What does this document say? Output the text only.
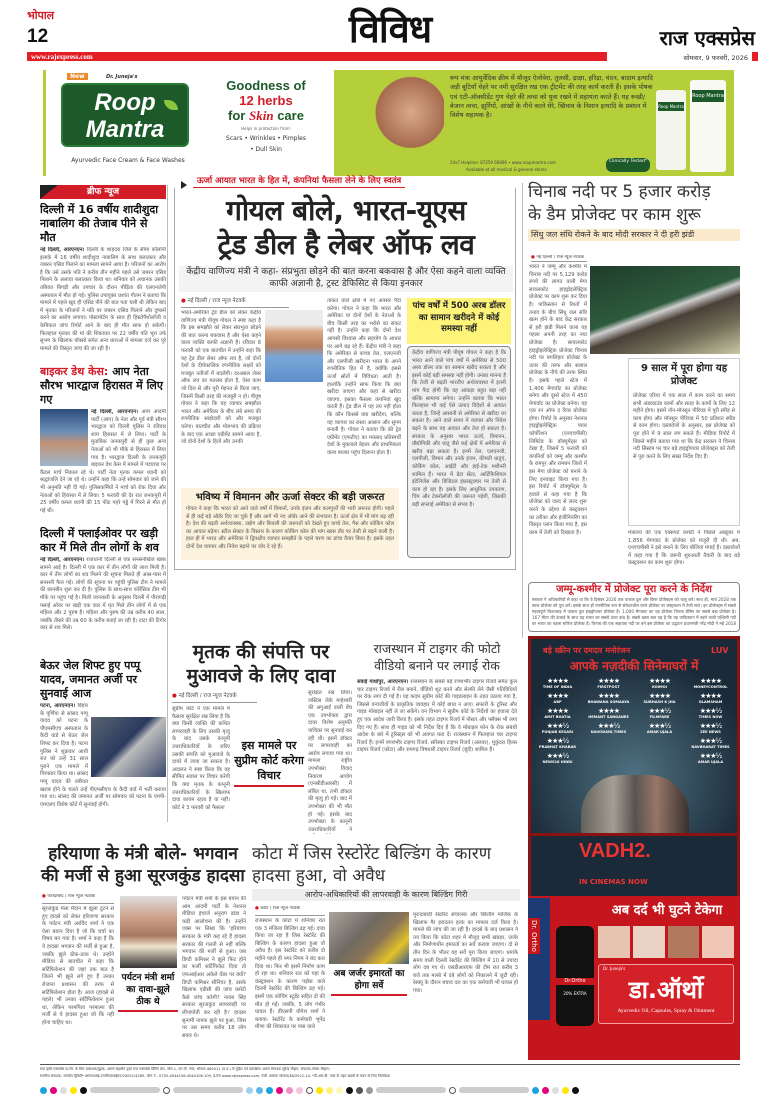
भोपाल
12	विविध	राज एक्सप्रेस
www.rajexpress.com	सोमवार, 9 फरवरी, 2026
New	Dr. Juneja's
Roop
Mantra
Ayurvedic Face Cream & Face Washes
Goodness of
12 herbs
for Skin care
Helps in protection from:
Scars • Wrinkles • Pimples
• Dull Skin
रूप मंत्रा आयुर्वेदिक क्रीम में मौजूद ऐलोवेरा, तुलसी, द्राक्षा, हरिद्रा, चंदन, बादाम इत्यादि जड़ी बूटियाँ चेहरे पर नमी सुरक्षित रख एक ट्रीटमेंट की तरह कार्य करती हैं। इसके पोषक एवं एंटी-ऑक्सीडेंट गुण चेहरे की त्वचा को युवा रखने में सहायता करते हैं। यह रूखी/ बेजान त्वचा, झुर्रियों, आंखों के नीचे काले घेरे, खिंचाव के निशान इत्यादि के प्रबंधन में विशेष सहायक है।
24x7 Helpline: 87259 66666 • www.roopmantra.com
Available at all medical & general stores
Clinically Tested*
Roop Mantra
Roop Mantra
ब्रीफ न्यूज
दिल्ली में 16 वर्षीय शादीशुदा नाबालिग की तेजाब पीने से मौत
नई दिल्ली, आरएनएन। दिल्ली के शाहदरा जिले के सीमा कॉलोनी इलाके में 16 वर्षीय शादीशुदा नाबालिग के साथ बलात्कार और जबरन एसिड पिलाने का मामला सामने आया है। परिजनों का आरोप है कि उसे उसके पति ने करीब तीन महीने पहले उसे जबरन एसिड पिलाने के अलावा बलात्कार किया था। शनिवार को अचानक उसकी तबियत बिगड़ी और उपचार के दौरान पीड़िता की एलएनजेपी अस्पताल में मौत हो गई। पुलिस उपायुक्त प्रशांत गौतम ने बताया कि मामले में पहले खुद ही एसिड पीने की बात पता चली थी लेकिन बाद में मृतका के परिजनों ने पति पर जबरन एसिड पिलाने और दुष्कर्म करने का आरोप लगाया। पोस्टमॉर्टम के साथ ही हिस्टोपैथोलॉजी व केमिकल जांच रिपोर्ट आने के बाद ही मौत साफ हो सकेगी। फिलहाल मृतका की मां की शिकायत पर 22 वर्षीय पति भूरा उर्फ सुभम के खिलाफ पॉक्सो समेत अन्य धाराओं में मामला दर्ज कर पूरे मामले की विस्तृत जांच की जा रही है।
बाइकर डेथ केस: आप नेता सौरभ भारद्वाज हिरासत में लिए गए
नई दिल्ली, आरएनएन। आम आदमी पार्टी (आप) के नेता और पूर्व मंत्री सौरभ भारद्वाज को दिल्ली पुलिस ने रविवार शाम हिरासत में ले लिया। पार्टी के मुताबिक जनकपुरी से ही कुछ अन्य नेताओं को भी मौके से हिरासत में लिया गया है। भारद्वाज दिल्ली के जनकपुरी बाइकर डेथ केस में मामले में पदयात्रा पर कैंडल मार्च निकाल रहे थे। पार्टी नेता मृतक कमल ध्यानी को श्रद्धांजलि देने जा रहे थे। उन्होंने कहा कि उन्हें सोमवार को जाने की भी अनुमति नहीं दी गई। पुलिसकर्मियों ने मार्च को रोक दिया और नेताओं को हिरासत में ले लिया। 5 फरवरी की देर रात जनकपुरी में 25 वर्षीय कमल ध्यानी की 15 फीट गहरे गड्ढे में गिरने से मौत हो गई थी।
दिल्ली में फ्लाईओवर पर खड़ी कार में मिले तीन लोगों के शव
नई दिल्ली, आरएनएन। राजधानी दिल्ली से एक सनसनीखेज खबर सामने आई है। दिल्ली में एक कार में तीन लोगों की लाश मिली है। कार में तीन लोगों का शव मिलने की सूचना मिलते ही आस-पास में सनसनी फैल गई। लोगों की सूचना पर पहुंची पुलिस टीम ने मामले की छानबीन शुरू कर दी है। पुलिस के साथ-साथ फॉरेंसिक टीम भी मौके पर पहुंच गई है। मिली जानकारी के अनुसार दिल्ली में पीरागढ़ी फ्लाई ओवर पर खड़ी एक कार में मृत मिले तीन लोगों में से एक महिला और 2 पुरुष हैं। महिला और पुरुष की उम्र करीब 40 साल, जबकि तीसरे की उम्र 60 के करीब बताई जा रही है। टाटा की टिगोर कार से शव मिले।
बेऊर जेल शिफ्ट हुए पप्पू यादव, जमानत अर्जी पर सुनवाई आज
पटना, आरएनएन। बिहार के पूर्णिया से सांसद पप्पू यादव को पटना के पीएमसीएच अस्पताल के कैदी वार्ड से बेऊर जेल शिफ्ट कर दिया है। पटना पुलिस ने शुक्रवार आधी रात को उन्हें 31 साल पुराने एक मामले में गिरफ्तार किया था। सांसद पप्पू यादव की तबीयत खराब होने के चलते उन्हें पीएमसीएच के कैदी वार्ड में भर्ती कराया गया था। सांसद की जमानत अर्जी पर सोमवार को पटना के एमपी-एमएलए विशेष कोर्ट में सुनवाई होगी।
ऊर्जा आयात भारत के हित में, कंपनियां फैसला लेने के लिए स्वतंत्र
गोयल बोले, भारत-यूएस
ट्रेड डील है लेबर ऑफ लव
केंद्रीय वाणिज्य मंत्री ने कहा- संप्रभुता छोड़ने की बात करना बकवास है और ऐसा कहने वाला व्यक्ति काफी अज्ञानी है, ट्रस्ट डेफिसिट से किया इनकार
● नई दिल्ली / राज न्यूज नेटवर्क
भारत-अमेरिका ट्रेड डील को लेकर केंद्रीय वाणिज्य मंत्री पीयूष गोयल ने स्पष्ट कहा है कि इस समझौते को लेकर संप्रभुता छोड़ने की बात करना बकवास है और ऐसा कहने वाला व्यक्ति काफी अज्ञानी है। रविवार 8 फरवरी को एक बातचीत में उन्होंने कहा कि यह ट्रेड डील लेबर ऑफ लव है, जो दोनों देशों के दीर्घकालिक रणनीतिक लक्ष्यों को मजबूत नतीजों में बदलेगी। दरअसल लेबर ऑफ लव का मतलब होता है, ऐसा काम जो दिल से और पूरी मेहनत से किया जाए, जिसमें किसी तरह की मजबूरी न हो। पीयूष गोयल ने कहा कि यह व्यापार समझौता भारत और अमेरिका के बीच लंबे समय की रणनीतिक साझेदारी को और मजबूत करेगा। बातचीत और मोलभाव की प्रक्रिया के बाद एक अच्छा एग्रीमेंट सामने आया है, जो दोनों देशों के हितों और उनकी
ताकत वाले क्षेत्रों में नए अवसर पैदा करेगा। गोयल ने कहा कि भारत और अमेरिका या दोनों देशों के नेताओं के बीच किसी तरह का भरोसे का संकट नहीं है। उन्होंने कहा कि दोनों देश आपसी विश्वास और सहयोग के आधार पर आगे बढ़ रहे हैं। केंद्रीय मंत्री ने कहा कि अमेरिका से कच्चा तेल, एलएनजी और एलपीजी खरीदना भारत के अपने रणनीतिक हित में है, क्योंकि इससे ऊर्जा स्रोतों में विविधता आती है। हालांकि उन्होंने साफ किया कि क्या खरीदा जाएगा और कहां से खरीदा जाएगा, इसका फैसला कंपनियां खुद करती हैं। ट्रेड डील में यह तय नहीं होता कि कौन किससे क्या खरीदेगा, बल्कि यह व्यापार का रास्ता आसान और सुगम बनाती है। गोयल ने बताया कि फ्री ट्रेड एग्रीमेंट (एफटीए) का मकसद प्रतिस्पर्धी देशों के मुकाबले बेहतर और प्राथमिकता वाला बाजार पहुंच दिलाना होता है।
भविष्य में विमानन और ऊर्जा सेक्टर की बड़ी जरूरत
गोयल ने कहा कि भारत को आने वाले वर्षों में विमानों, उनके इंजन और कलपुर्जों की भारी जरूरत होगी। पहले से ही कई बड़े ऑर्डर दिए जा चुके हैं और आगे भी नए ऑर्डर आने की संभावना है। ऊर्जा क्षेत्र में भी मांग बढ़ रही है। देश की बढ़ती अर्थव्यवस्था, उद्योग और बिजली की जरूरतों को देखते हुए कच्चे तेल, गैस और कोकिंग कोल का आयात बढ़ेगा। स्टील सेक्टर के विस्तार के कारण कोकिंग कोल की मांग खास तौर पर तेजी से बढ़ने वाली है। हाल ही में भारत और अमेरिका ने द्विपक्षीय व्यापार समझौते के पहले चरण का ढांचा तैयार किया है। इसके तहत दोनों देश व्यापार और निवेश बढ़ाने पर जोर दे रहे हैं।
पांच वर्षों में 500 अरब डॉलर का सामान खरीदने में कोई समस्या नहीं
केंद्रीय वाणिज्य मंत्री पीयूष गोयल ने कहा है कि भारत आने वाले पांच वर्षों में अमेरिका से 500 अरब डॉलर तक का सामान खरीद सकता है और इसमें कोई बड़ी समस्या नहीं होगी। उनका मानना है कि तेजी से बढ़ती भारतीय अर्थव्यवस्था में इतनी मांग पैदा होगी कि यह आंकड़ा बहुत बड़ा नहीं बल्कि सामान्य लगेगा। उन्होंने बताया कि भारत फिलहाल भी कई ऐसे उत्पाद विदेशों से आयात करता है, जिन्हें आसानी से अमेरिका से खरीदा जा सकता है। आने वाले समय में व्यापार और निवेश बढ़ने के साथ यह आयात और तेज हो सकता है। सरकार के अनुसार भारत ऊर्जा, विमानन, प्रौद्योगिकी और धातु जैसे कई क्षेत्रों में अमेरिका से खरीद बढ़ा सकता है। इनमें तेल, एलएनजी, एलपीजी, विमान और उनके इंजन, कीमती धातुएं, कोकिंग कोल, आईटी और हाई-टेक मशीनरी शामिल हैं। भारत में डेटा सेंटर, आर्टिफिशियल इंटेलिजेंस और डिजिटल इंफ्रास्ट्रक्चर पर तेजी से काम हो रहा है। इसके लिए आधुनिक उपकरण, चिप और टेक्नोलॉजी की जरूरत पड़ेगी, जिसकी बड़ी सप्लाई अमेरिका से संभव है।
चिनाब नदी पर 5 हजार करोड़
के डैम प्रोजेक्ट पर काम शुरू
सिंधु जल संधि रोकने के बाद मोदी सरकार ने दी हरी झंडी
● नई दिल्ली / राज न्यूज नेटवर्क
भारत ने जम्मू और कश्मीर में चिनाब नदी पर 5,129 करोड़ रुपये की लागत वाली मेगा सावलकोट हाइड्रोइलेक्ट्रिक प्रोजेक्ट पर काम शुरू कर दिया है। पाकिस्तान से रिश्तों में तनाव के बीच सिंधु जल संधि खत्म होने के बाद केंद्र सरकार से हरी झंडी मिलने वाला यह पहला अपनी तरह का नया प्रोजेक्ट है। सावलकोट हाइड्रोइलेक्ट्रिक प्रोजेक्ट चिनाब नदी पर बगलिहार प्रोजेक्ट के ऊपर की तरफ और सलाल प्रोजेक्ट के नीचे की तरफ स्थित है। इसके पहले स्टेज में 1,406 मेगावॉट का प्रोजेक्ट बनेगा और दूसरे स्टेज में 450 मेगावॉट का प्रोजेक्ट बनेगा। यह एक रन ऑफ द रिवर प्रोजेक्ट होगा। रिपोर्ट के अनुसार नेशनल हाइड्रोइलेक्ट्रिक पावर कॉर्पोरेशन (एनएचपीसी) लिमिटेड के डॉक्यूमेंट्स को देखा है, जिसमें 5 फरवरी को कंपनियों को जम्मू और कश्मीर के रामपुर और रामबन जिलों में इस मेगा प्रोजेक्ट को बनाने के लिए इनवाइट किया गया है। इस रिपोर्ट में डॉक्यूमेंट्स के हवाले से कहा गया है कि प्रोजेक्ट को जल्द से जल्द शुरू करने के उद्देश्य से कंस्ट्रक्शन का तरीका और इंजीनियरिंग का विस्तृत प्लान किया गया है, इस काम में तेजी को दिखाता है।
9 साल में पूरा होगा यह प्रोजेक्ट
प्रोजेक्ट एरिया में एक साल में काम करने का समय सभी अंडरग्राउंड कामों और सतह के कामों के लिए 12 महीने होगा। इसमें नॉन-मॉनसून पीरियड में पूरी स्पीड से काम होगा और मॉनसून पीरियड में 50 प्रतिशत स्पीड से काम होगा। दस्तावेजों के अनुसार, इस प्रोजेक्ट को पूरा होने में 9 साल लग सकते हैं। मीडिया रिपोर्ट में पिछले महीने बताया गया था कि केंद्र सरकार ने चिनाब नदी सिस्टम पर चार बड़े हाइड्रोपावर प्रोजेक्ट्स को तेजी से पूरा करने के लिए सख्त निर्देश दिए हैं।
मंत्रालय की एक एक्सपर्ट कमेटी ने पिछले अक्टूबर में 1,856 मेगावाट के प्रोजेक्ट को मंजूरी दी थी। अब, एनएचपीसी ने इसे बनाने के लिए बोलियां मंगाई हैं। दस्तावेजों में कहा गया है कि जरूरी शुरुआती तैयारी के बाद बड़े कंस्ट्रक्शन का काम शुरू होगा।
जम्मू-कश्मीर में प्रोजेक्ट पूरा करने के निर्देश
सरकार ने अधिकारियों से कहा था कि वे दिसंबर 2026 तक पाकल दुल और किरू प्रोजेक्ट्स को चालू करें। साथ ही, मार्च 2028 तक क्वार प्रोजेक्ट को पूरा करें। इसके साथ ही रणनीतिक रूप से संवेदनशील रतले प्रोजेक्ट पर कंस्ट्रक्शन में तेजी लाएं। इन प्रोजेक्ट्स में सबसे महत्वपूर्ण किश्तवाड़ में पाकल दुल हाइड्रोपावर प्रोजेक्ट है। 1,000 मेगावाट का यह प्रोजेक्ट चिनाब बेसिन का सबसे बड़ा प्रोजेक्ट है। 167 मीटर की ऊंचाई के साथ यह भारत का सबसे ऊंचा बांध है। सबसे खास बात यह है कि यह पाकिस्तान में बहने वाली पश्चिमी नदी पर भारत का पहला स्टोरेज प्रोजेक्ट है। चिनाब की एक सहायक नदी पर बने इस प्रोजेक्ट का उद्घाटन प्रधानमंत्री नरेंद्र मोदी ने मई 2018
मृतक की संपत्ति पर मुआवजे के लिए दावा
● नई दिल्ली / राज न्यूज नेटवर्क
सुप्रीम कोर्ट ने एक मामले में फैसला सुरक्षित रख लिया है कि क्या किसी व्यक्ति की कथित लापरवाही के लिए उसकी मृत्यु के बाद उसके कानूनी उत्तराधिकारियों के जरिए उसकी संपत्ति को मुआवजे के दायरे में लाया जा सकता है। अदालत ने स्पष्ट किया कि वह सीमित सवाल पर विचार करेगी कि क्या मृतक के कानूनी उत्तराधिकारियों के खिलाफ दावा कायम रहता है या नहीं। कोर्ट ने 3 फरवरी को फैसला
इस मामले पर सुप्रीम कोर्ट करेगा विचार
सुरक्षित रख लिया। जस्टिस जेके माहेश्वरी की अगुआई वाली बेंच एक उपभोक्ता द्वारा दायर विशेष अनुमति याचिका पर सुनवाई कर रही थी। इसमें डॉक्टर पर लापरवाही का आरोप लगाया गया था। मामला राष्ट्रीय उपभोक्ता विवाद निवारण आयोग (एनसीडीआरसी) में लंबित था, तभी डॉक्टर की मृत्यु हो गई। बाद में उपभोक्ता की भी मौत हो गई। इसके बाद उपभोक्ता के कानूनी उत्तराधिकारियों ने
राजस्थान में टाइगर की फोटो वीडियो बनाने पर लगाई रोक
सवाई माधोपुर, आरएनएन। राजस्थान के सबसे बड़े रणथंभौर टाइगर रिजर्व समेत कुल चार टाइगर रिजर्व में रील बनाने, वीडियो शूट करने और सेल्फी लेने जैसी गतिविधियों पर रोक लगा दी गई है। यह कदम सुप्रीम कोर्ट की गाइडलाइन के तहत उठाया गया है, जिससे वन्यजीवों के प्राकृतिक व्यवहार में कोई बाधा न आए। सफारी के टूरिस्ट और गाइड मोबाइल नहीं ले जा सकेंगे। वन विभाग ने सुप्रीम कोर्ट के निर्देशों का हवाला देते हुए एक आदेश जारी किया है। इसके तहत टाइगर रिजर्व में पोस्टर और फ्लैक्स भी लगा दिए गए हैं। साथ ही गाइड को भी निर्देश दिए हैं कि वे मोबाइल फोन के रोक संबंधी आदेश के बारे में टूरिस्ट्स को भी अवगत करा दें। राजस्थान में फिलहाल चार टाइगर रिजर्व हैं। इनमें रणथंभौर टाइगर रिजर्व, सरिस्का टाइगर रिजर्व (अलवर), मुकुंदरा हिल्स टाइगर रिजर्व (कोटा) और रामगढ़ विषधारी टाइगर रिजर्व (बूंदी) शामिल हैं।
बड़े स्क्रीन पर दमदार मनोरंजन	LUV
आपके नज़दीकी सिनेमाघरों में
★★★★
TIME OF INDIA
★★★★
FIRSTPOST
★★★★
KOIMOI
★★★★
MONEYCONTROL
★★★★
ABP
★★★★
BHAWANA SOMAAYA
★★★★
SUBHASH K JHA
★★★★
GLAMSHAM
★★★★
AMIT BHATIA
★★★★
HEMANT SANGANEE
★★★½
FILMFARE
★★★½
TIMES NOW
★★★½
PUNJAB KESARI
★★★½
NAVODAYA TIMES
★★★½
AMAR UJALA
★★★½
ZEE NEWS
★★★½
PRABHAT KHABAR
★★★½
NAVBHARAT TIMES
★★★½
NEWS18 HINDI
★★★½
AMAR UJALA
VADH2.
IN CINEMAS NOW
Dr. Ortho
Dr.Ortho
20% EXTRA
अब दर्द भी घुटने टेकेगा
Dr. Juneja's
डा.ऑर्थो
Ayurvedic Oil, Capsules, Spray & Ointment
हरियाणा के मंत्री बोले- भगवान की मर्जी से हुआ सूरजकुंड हादसा
● फरीदाबाद / राज न्यूज नेटवर्क
पर्यटन मंत्री शर्मा का दावा-झूले ठीक थे
सूरजकुंड मेला मैदान में झूला टूटने से हुए हादसे को लेकर हरियाणा सरकार के पर्यटन मंत्री अरविंद शर्मा ने एक ऐसा बयान दिया है जो कि चर्चा का विषय बन गया है। शर्मा ने कहा है कि ये हादसा भगवान की मर्जी से हुआ है, जबकि झूले ठीक-ठाक थे। उन्होंने मीडिया से बातचीत में कहा कि सर्टिफिकेशन की जहां तक बात है जितने भी झूले लगे हुए हैं उनका रोजाना प्रशासन की तरफ से सर्टिफिकेशन होता है। आज (हादसे से पहले) भी उनका सर्टिफिकेशन हुआ था, लेकिन परमपिता परमात्मा की मर्जी से ये हादसा हुआ जो कि नहीं होना चाहिए था।
पर्यटन मंत्री शर्मा के इस बयान की आम आदमी पार्टी के नेशनल मीडिया इंचार्ज अनुराग ढांडा ने कड़ी आलोचना की है। उन्होंने एक्स पर लिखा कि 'हरियाणा सरकार के मंत्री कह रहे हैं हादसा सरकार की गलती से नहीं बल्कि भगवान की मर्जी से हुआ। जब डिप्टी कमिश्नर ने झूले फिट होने का फर्जी सर्टिफिकेट दिया तो एफआईआर अकेले वेंडर पर क्यों? डिप्टी कमिश्नर सीनियर है, उसके खिलाफ एडीसी की जांच कमेटी कैसे जांच करेगी? नायब सिंह सरकार सूरजकुंड लापरवाही पर लीपापोती कर रही है।' हादसा सुनामी नामक झूले पर हुआ, जिस पर उस समय करीब 18 लोग सवार थे।
कोटा में जिस रेस्टोरेंट बिल्डिंग के कारण हादसा हुआ, वो अवैध
आरोप-अधिकारियों की लापरवाही के कारण बिल्डिंग गिरी
● कोटा / राज न्यूज नेटवर्क
अब जर्जर इमारतों का होगा सर्वे
राजस्थान के कोटा में शनिवार रात एक 3 मंजिला बिल्डिंग ढह गई। दावा किया जा रहा है जिस रेस्टोरेंट की बिल्डिंग के कारण हादसा हुआ वो अवैध है। इस रेस्टोरेंट को करीब दो महीने पहले ही नगर निगम ने बंद करा दिया था। फिर भी इसमें निर्माण काम हो रहा था। शनिवार रात को यहां के कंस्ट्रक्शन के कारण पड़ोस वाले दिल्ली रेस्टोरेंट की बिल्डिंग ढह गई। इसमें एक कोचिंग स्टूडेंट सहित दो की मौत हो गई। जबकि, 5 लोग गंभीर घायल हैं। डीएसपी योगेश शर्मा ने बताया- रेस्टोरेंट के कर्मचारी भूपेंद्र मीणा की शिकायत पर पास वाले
मुरादाबादी रेस्टोरेंट संचालक और बिल्डिंग मालिक के खिलाफ गैर इरादतन हत्या का मामला दर्ज किया है। मामले की जांच की जा रही है। हादसे के बाद प्रशासन ने तय किया कि कोटा शहर में मौजूद सभी खंडहर, जर्जर और निर्माणाधीन इमारतों का सर्वे कराया जाएगा। दो से तीन दिन के भीतर यह सर्वे पूरा किया जाएगा। धमाके समय वाली दिल्ली रेस्टोरेंट की बिल्डिंग में 10 से ज्यादा लोग दब गए थे। एसडीआरएफ की टीम रात करीब 3 बजे तक मलबे में दबे लोगों को निकालने में जुटी रही। रेस्क्यू के दौरान बचाव दल का एक कर्मचारी भी घायल हो गया।
राज इंदौर एक्सप्रेस प्रा.लि. के लिए प्रकाशक/मुद्रक- अरुण सहलोत द्वारा राज एक्सप्रेस प्रिंटिंग प्रेस, जोन-1, एम.पी. नगर, भोपाल-462011 (म.प्र.) से मुद्रित एवं प्रकाशित। प्रधान संपादक-सुरेन्द्र चौहान, संपादक-संजय चौहान।
स्थानीय संपादक- जगदीप द्विवेदी* आरएनआई-एमपीएचआईएन/2005/14289, फोन नं.- 0755-4044106-4044106-109, ई-मेल www.rajexpress.com, पंजी. क्रमांक भोपाल/38/2012-14. *पी.आर.बी. एक्ट के तहत खबरों के चयन के लिए जिम्मेदार।
